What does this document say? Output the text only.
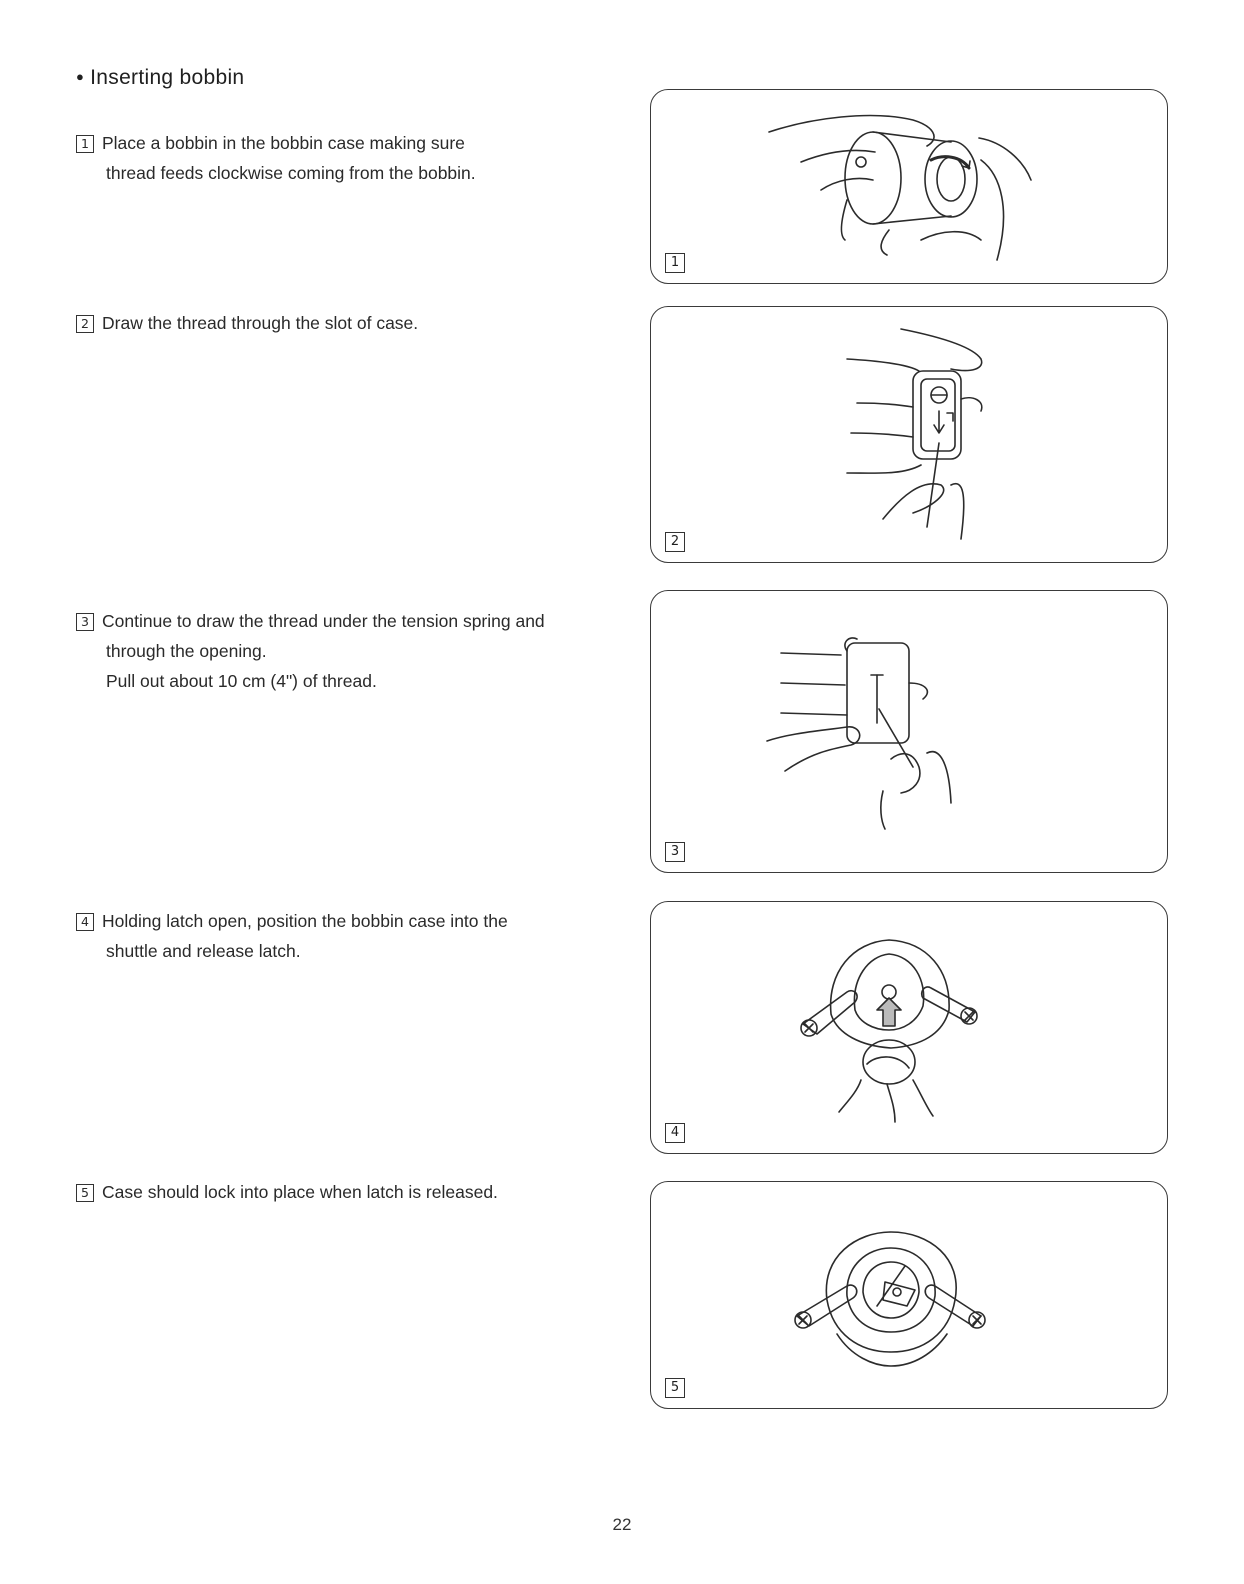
● Inserting bobbin
1 Place a bobbin in the bobbin case making sure
thread feeds clockwise coming from the bobbin.
2 Draw the thread through the slot of case.
3 Continue to draw the thread under the tension spring and
through the opening.
Pull out about 10 cm (4") of thread.
4 Holding latch open, position the bobbin case into the
shuttle and release latch.
5 Case should lock into place when latch is released.
1
2
3
4
5
22
